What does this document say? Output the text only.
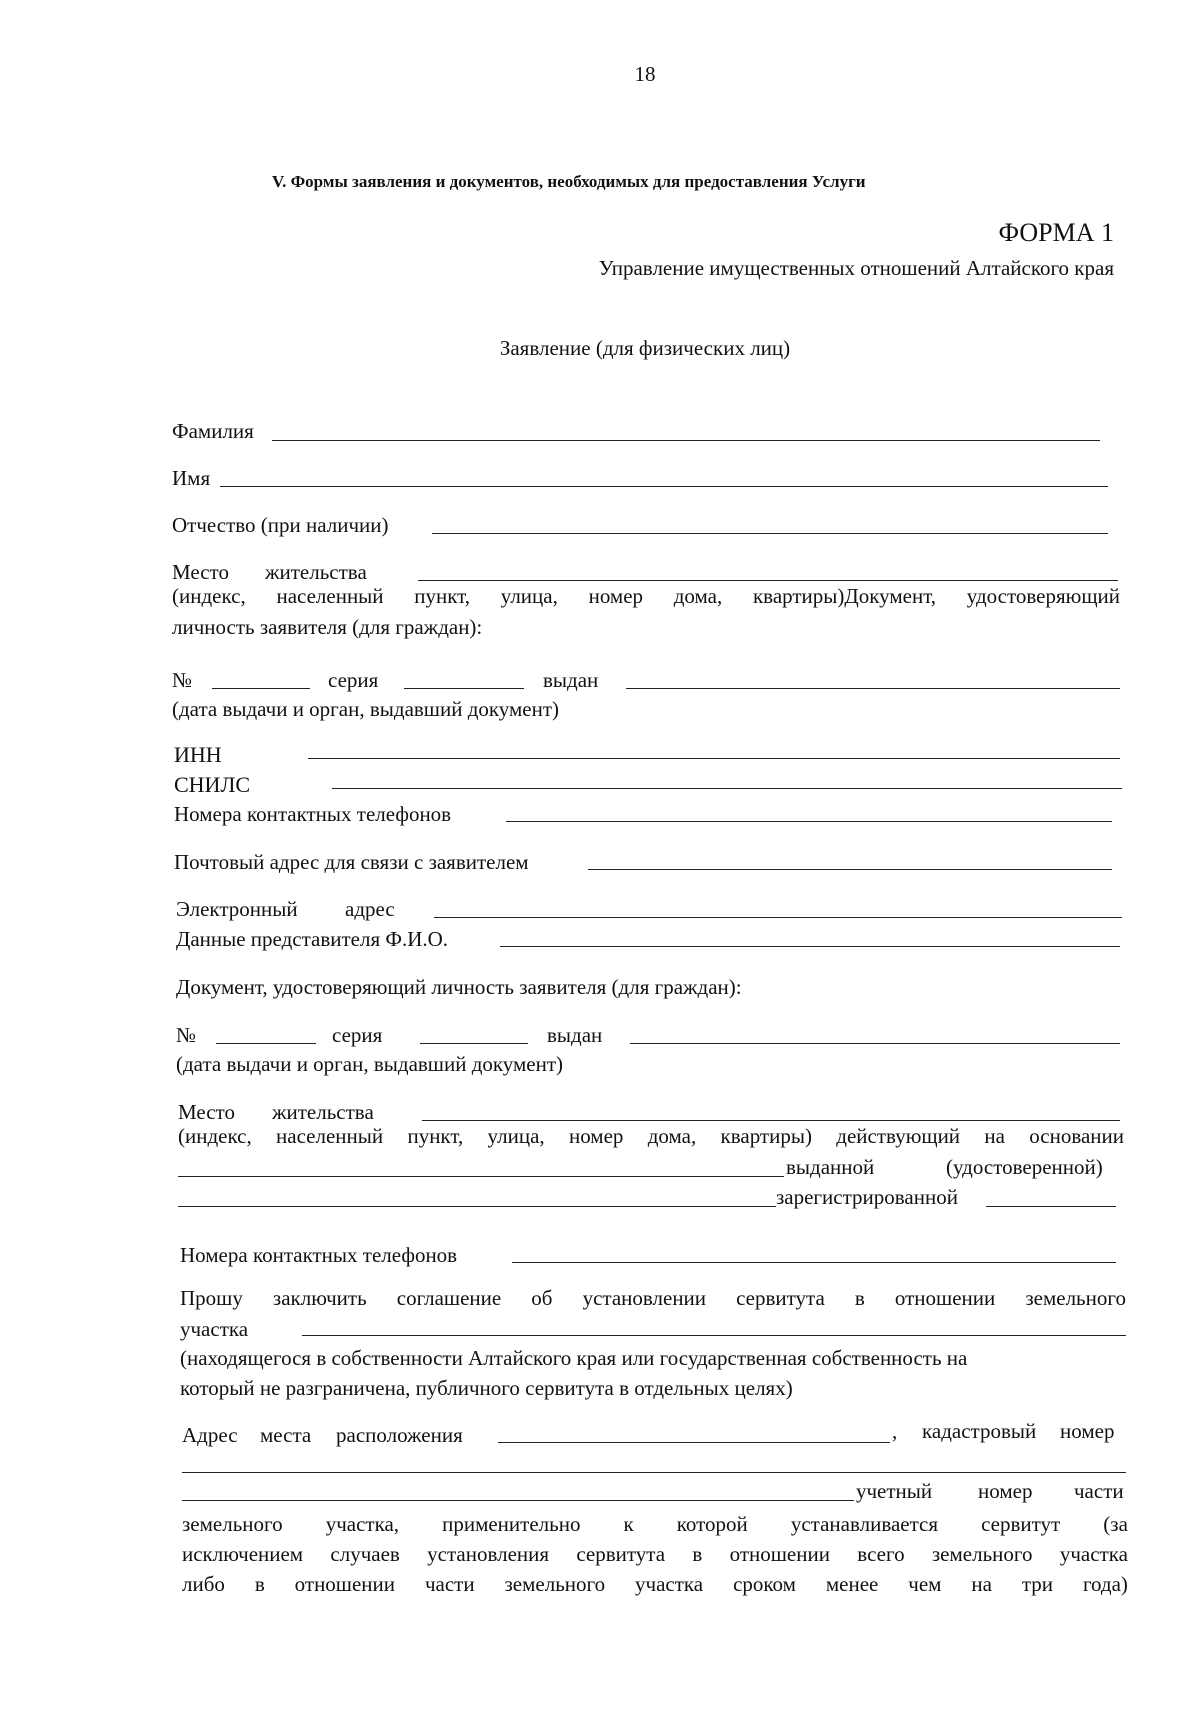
18
V. Формы заявления и документов, необходимых для предоставления Услуги
ФОРМА 1
Управление имущественных отношений Алтайского края
Заявление (для физических лиц)
Фамилия
Имя
Отчество (при наличии)
Место жительства
(индекс, населенный пункт, улица, номер дома, квартиры)Документ, удостоверяющий
личность заявителя (для граждан):
№	серия	выдан
(дата выдачи и орган, выдавший документ)
ИНН
СНИЛС
Номера контактных телефонов
Почтовый адрес для связи с заявителем
Электронный адрес
Данные представителя Ф.И.О.
Документ, удостоверяющий личность заявителя (для граждан):
№	серия	выдан
(дата выдачи и орган, выдавший документ)
Место жительства
(индекс, населенный пункт, улица, номер дома, квартиры) действующий на основании
выданной	(удостоверенной)
зарегистрированной
Номера контактных телефонов
Прошу заключить соглашение об установлении сервитута в отношении земельного
участка
(находящегося в собственности Алтайского края или государственная собственность на
который не разграничена, публичного сервитута в отдельных целях)
Адрес места расположения	, кадастровый номер
учетный номер части
земельного участка, применительно к которой устанавливается сервитут (за
исключением случаев установления сервитута в отношении всего земельного участка
либо в отношении части земельного участка сроком менее чем на три года)
